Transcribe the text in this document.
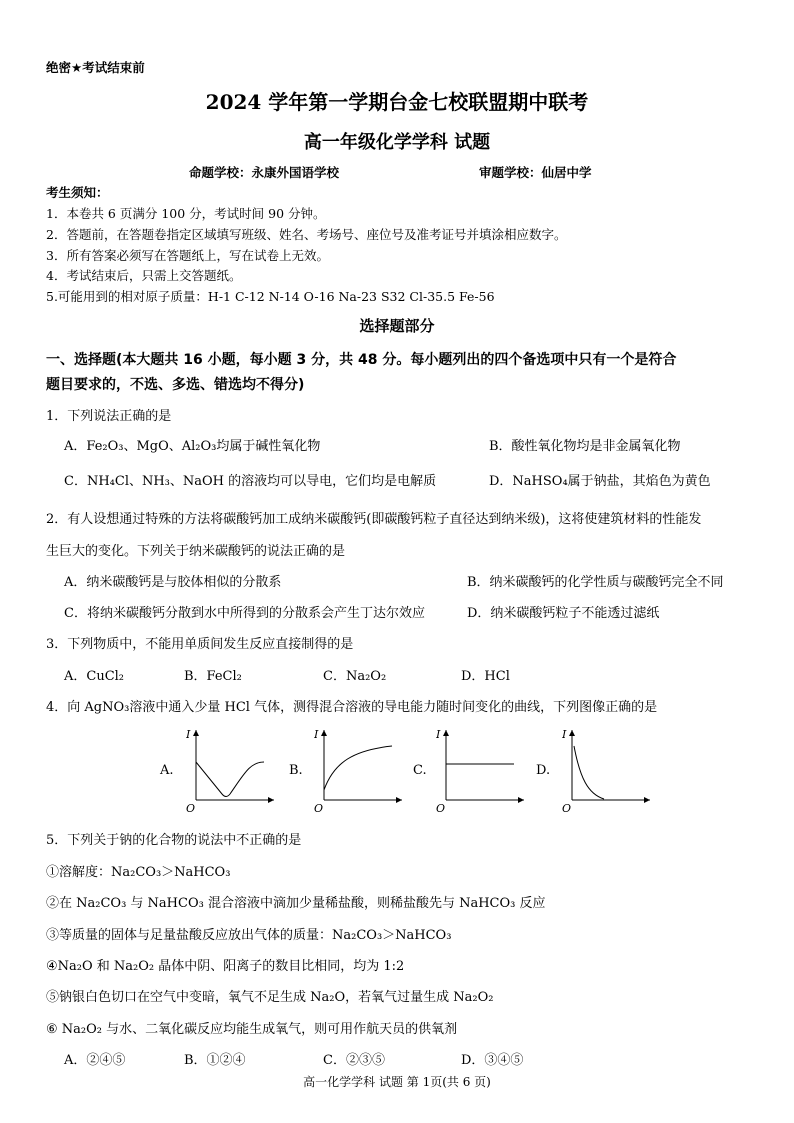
绝密★考试结束前
2024 学年第一学期台金七校联盟期中联考
高一年级化学学科 试题
命题学校：永康外国语学校	审题学校：仙居中学
考生须知：
1．本卷共 6 页满分 100 分，考试时间 90 分钟。
2．答题前，在答题卷指定区域填写班级、姓名、考场号、座位号及准考证号并填涂相应数字。
3．所有答案必须写在答题纸上，写在试卷上无效。
4．考试结束后，只需上交答题纸。
5.可能用到的相对原子质量：H-1 C-12 N-14 O-16 Na-23 S32 Cl-35.5 Fe-56
选择题部分
一、选择题(本大题共 16 小题，每小题 3 分，共 48 分。每小题列出的四个备选项中只有一个是符合
题目要求的，不选、多选、错选均不得分)
1．下列说法正确的是
A．Fe₂O₃、MgO、Al₂O₃均属于碱性氧化物	B．酸性氧化物均是非金属氧化物
C．NH₄Cl、NH₃、NaOH 的溶液均可以导电，它们均是电解质	D．NaHSO₄属于钠盐，其焰色为黄色
2．有人设想通过特殊的方法将碳酸钙加工成纳米碳酸钙(即碳酸钙粒子直径达到纳米级)，这将使建筑材料的性能发
生巨大的变化。下列关于纳米碳酸钙的说法正确的是
A．纳米碳酸钙是与胶体相似的分散系	B．纳米碳酸钙的化学性质与碳酸钙完全不同
C．将纳米碳酸钙分散到水中所得到的分散系会产生丁达尔效应	D．纳米碳酸钙粒子不能透过滤纸
3．下列物质中，不能用单质间发生反应直接制得的是
A．CuCl₂	B．FeCl₂	C．Na₂O₂	D．HCl
4．向 AgNO₃溶液中通入少量 HCl 气体，测得混合溶液的导电能力随时间变化的曲线，下列图像正确的是
A.	B.	C.	D.
I
O
I
O
I
O
I
O
5．下列关于钠的化合物的说法中不正确的是
①溶解度：Na₂CO₃＞NaHCO₃
②在 Na₂CO₃ 与 NaHCO₃ 混合溶液中滴加少量稀盐酸，则稀盐酸先与 NaHCO₃ 反应
③等质量的固体与足量盐酸反应放出气体的质量：Na₂CO₃＞NaHCO₃
④Na₂O 和 Na₂O₂ 晶体中阴、阳离子的数目比相同，均为 1:2
⑤钠银白色切口在空气中变暗，氧气不足生成 Na₂O，若氧气过量生成 Na₂O₂
⑥ Na₂O₂ 与水、二氧化碳反应均能生成氧气，则可用作航天员的供氧剂
A．②④⑤	B．①②④	C．②③⑤	D．③④⑤
高一化学学科 试题 第 1页(共 6 页)
